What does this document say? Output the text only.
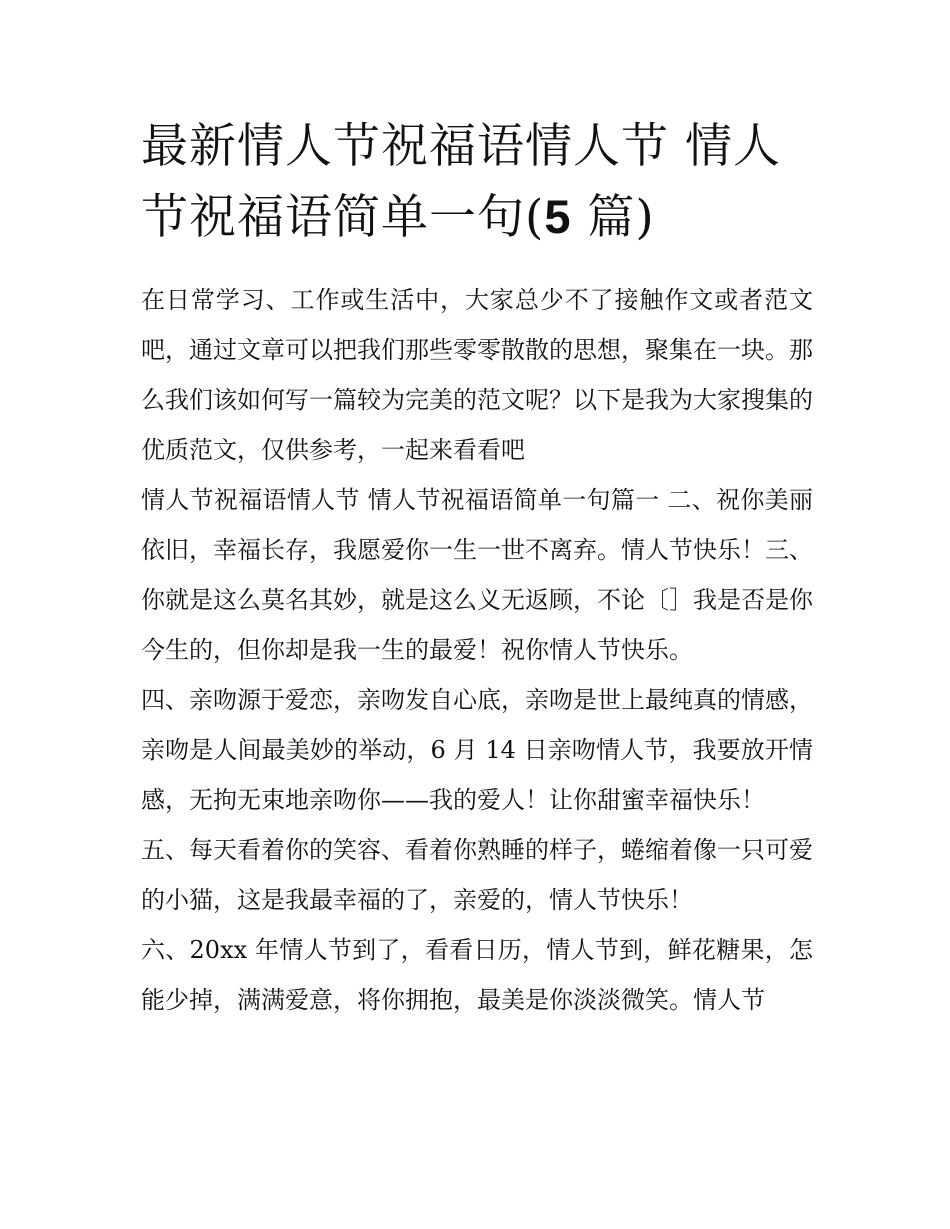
最新情人节祝福语情人节 情人节祝福语简单一句(5 篇)

在日常学习、工作或生活中，大家总少不了接触作文或者范文吧，通过文章可以把我们那些零零散散的思想，聚集在一块。那么我们该如何写一篇较为完美的范文呢？以下是我为大家搜集的优质范文，仅供参考，一起来看看吧

情人节祝福语情人节 情人节祝福语简单一句篇一 二、祝你美丽依旧，幸福长存，我愿爱你一生一世不离弃。情人节快乐！三、你就是这么莫名其妙，就是这么义无返顾，不论〔］我是否是你今生的，但你却是我一生的最爱！祝你情人节快乐。

四、亲吻源于爱恋，亲吻发自心底，亲吻是世上最纯真的情感，亲吻是人间最美妙的举动，6 月 14 日亲吻情人节，我要放开情感，无拘无束地亲吻你——我的爱人！让你甜蜜幸福快乐！

五、每天看着你的笑容、看着你熟睡的样子，蜷缩着像一只可爱的小猫，这是我最幸福的了，亲爱的，情人节快乐！

六、20xx 年情人节到了，看看日历，情人节到，鲜花糖果，怎能少掉，满满爱意，将你拥抱，最美是你淡淡微笑。情人节
